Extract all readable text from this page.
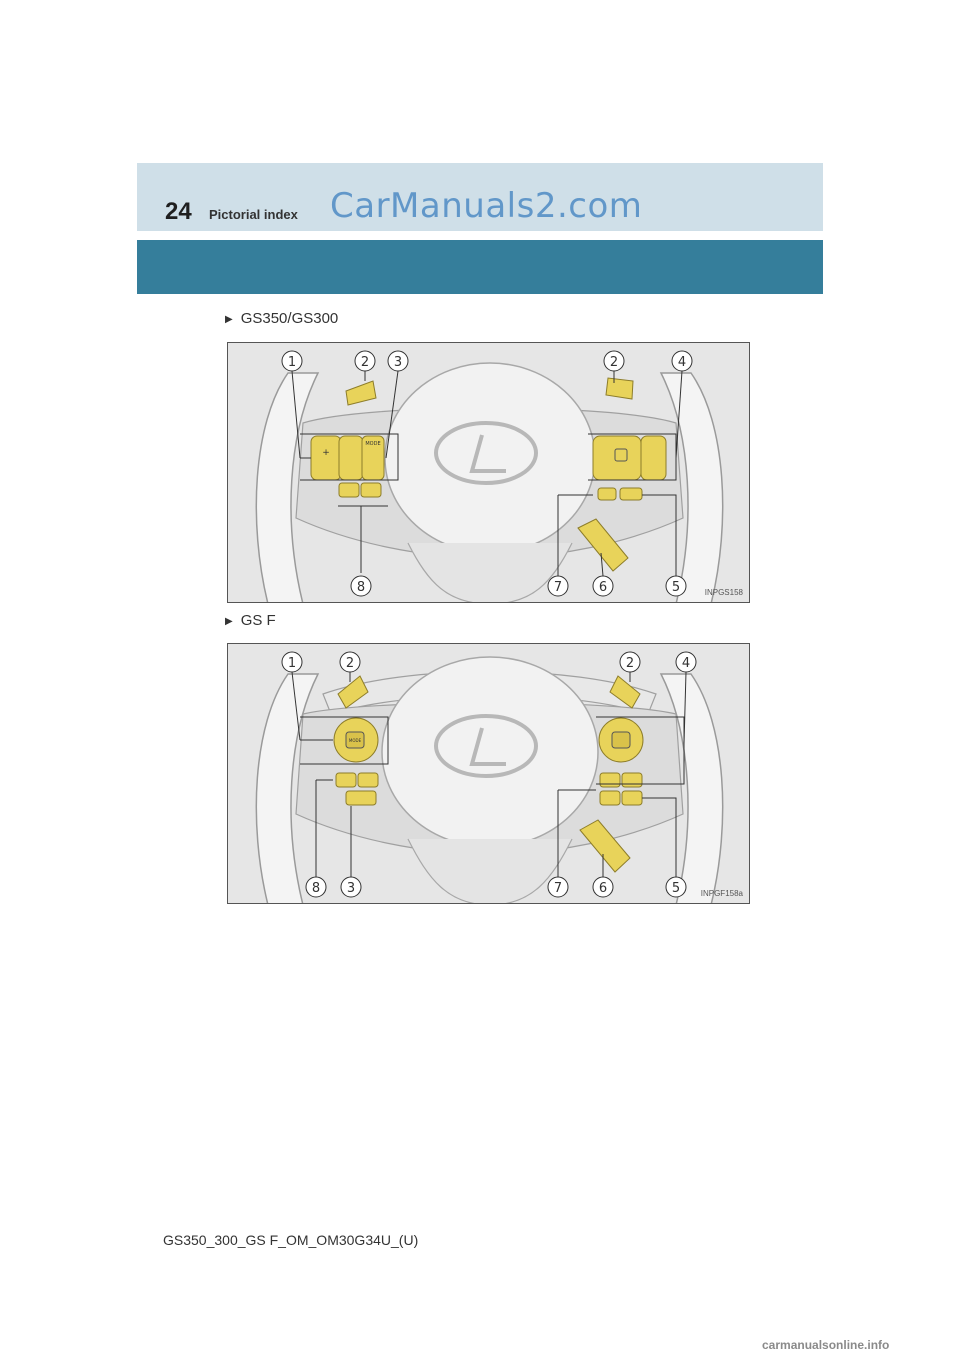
24 Pictorial index CarManuals2.com
▶ GS350/GS300
MODE
+
1	2 3	2	4
8	7	6	5	INPGS158
▶ GS F
MODE
1	2	2	4
8 3	7	6	5	INPGF158a
GS350_300_GS F_OM_OM30G34U_(U)
carmanualsonline.info
